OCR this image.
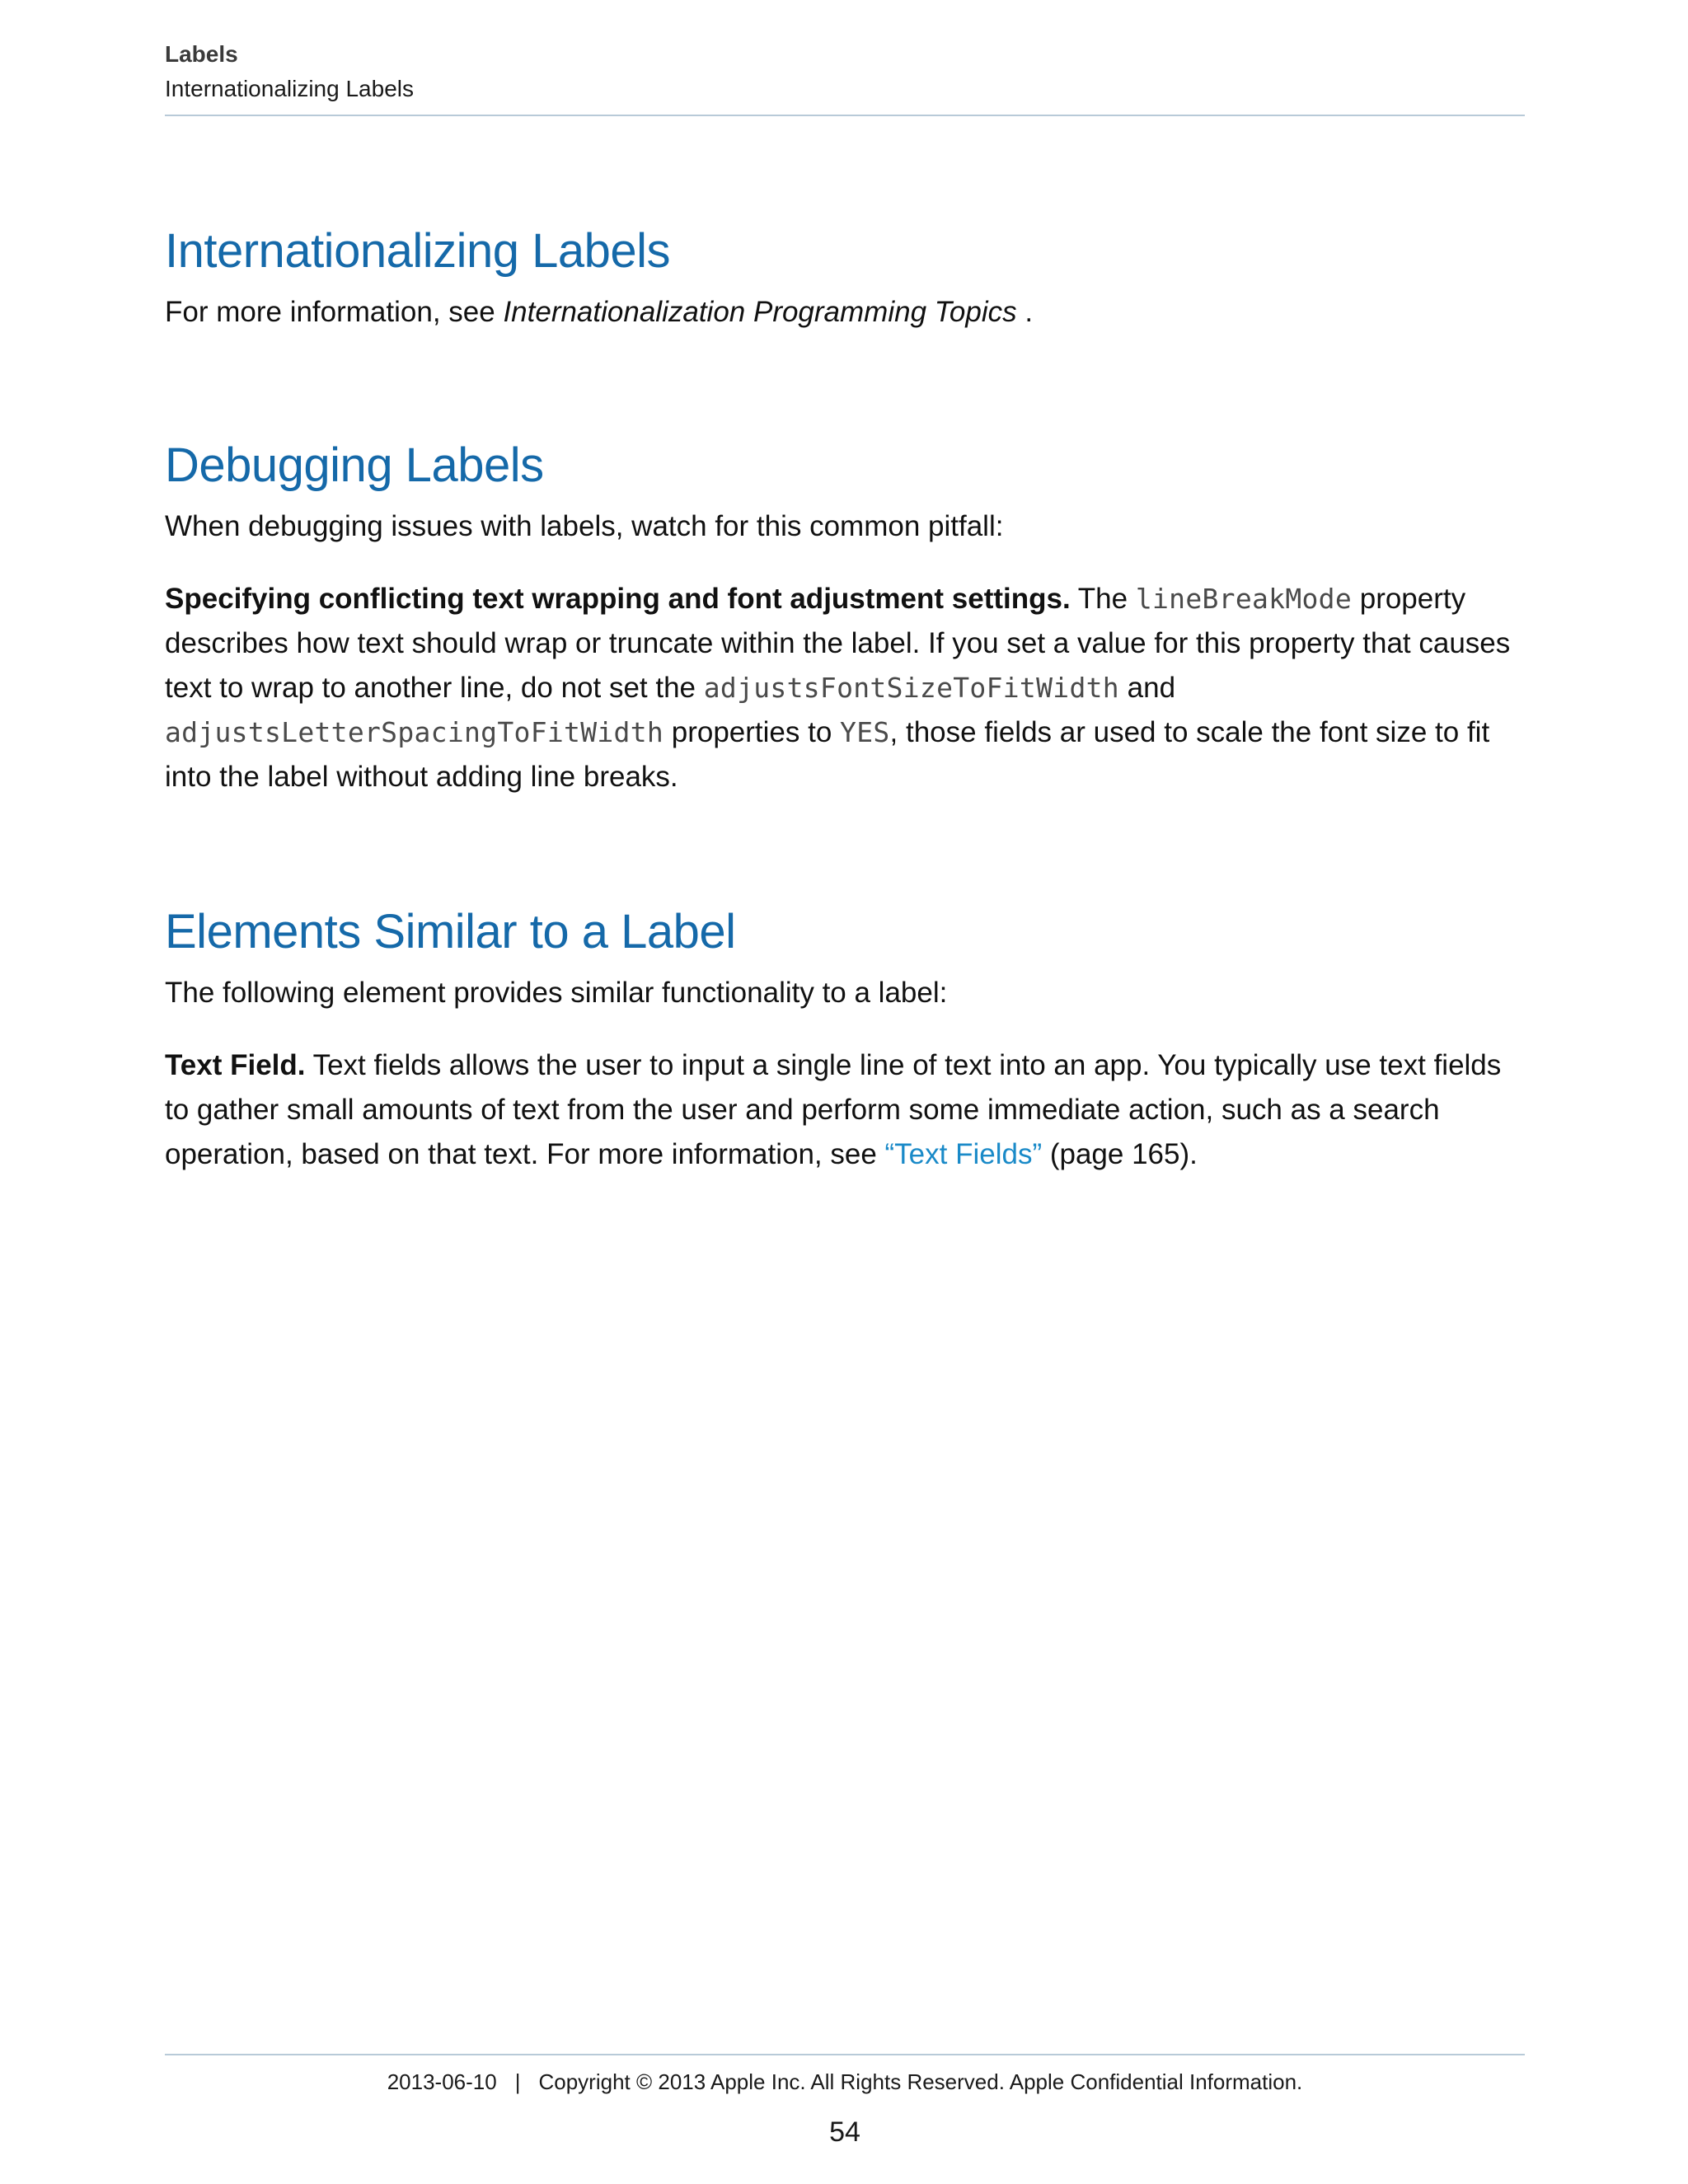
Labels
Internationalizing Labels
Internationalizing Labels

For more information, see Internationalization Programming Topics .

Debugging Labels

When debugging issues with labels, watch for this common pitfall:

Specifying conflicting text wrapping and font adjustment settings. The lineBreakMode property describes how text should wrap or truncate within the label. If you set a value for this property that causes text to wrap to another line, do not set the adjustsFontSizeToFitWidth and adjustsLetterSpacingToFitWidth properties to YES, those fields ar used to scale the font size to fit into the label without adding line breaks.

Elements Similar to a Label

The following element provides similar functionality to a label:

Text Field. Text fields allows the user to input a single line of text into an app. You typically use text fields to gather small amounts of text from the user and perform some immediate action, such as a search operation, based on that text. For more information, see “Text Fields” (page 165).

2013-06-10 | Copyright © 2013 Apple Inc. All Rights Reserved. Apple Confidential Information.
54
